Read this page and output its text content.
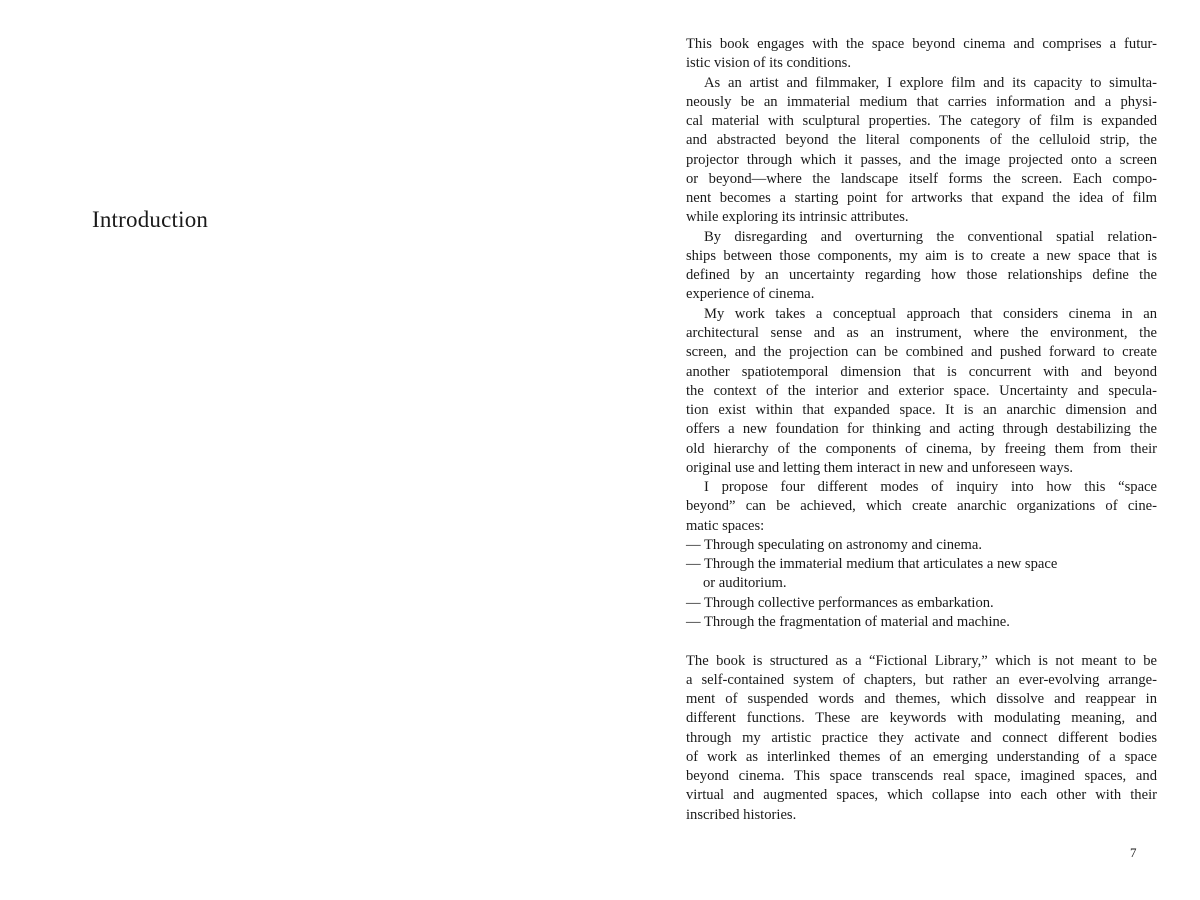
Introduction
This book engages with the space beyond cinema and comprises a futur-
istic vision of its conditions.
As an artist and filmmaker, I explore film and its capacity to simulta-
neously be an immaterial medium that carries information and a physi-
cal material with sculptural properties. The category of film is expanded
and abstracted beyond the literal components of the celluloid strip, the
projector through which it passes, and the image projected onto a screen
or beyond—where the landscape itself forms the screen. Each compo-
nent becomes a starting point for artworks that expand the idea of film
while exploring its intrinsic attributes.
By disregarding and overturning the conventional spatial relation-
ships between those components, my aim is to create a new space that is
defined by an uncertainty regarding how those relationships define the
experience of cinema.
My work takes a conceptual approach that considers cinema in an
architectural sense and as an instrument, where the environment, the
screen, and the projection can be combined and pushed forward to create
another spatiotemporal dimension that is concurrent with and beyond
the context of the interior and exterior space. Uncertainty and specula-
tion exist within that expanded space. It is an anarchic dimension and
offers a new foundation for thinking and acting through destabilizing the
old hierarchy of the components of cinema, by freeing them from their
original use and letting them interact in new and unforeseen ways.
I propose four different modes of inquiry into how this “space
beyond” can be achieved, which create anarchic organizations of cine-
matic spaces:
— Through speculating on astronomy and cinema.
— Through the immaterial medium that articulates a new space
or auditorium.
— Through collective performances as embarkation.
— Through the fragmentation of material and machine.
The book is structured as a “Fictional Library,” which is not meant to be
a self-contained system of chapters, but rather an ever-evolving arrange-
ment of suspended words and themes, which dissolve and reappear in
different functions. These are keywords with modulating meaning, and
through my artistic practice they activate and connect different bodies
of work as interlinked themes of an emerging understanding of a space
beyond cinema. This space transcends real space, imagined spaces, and
virtual and augmented spaces, which collapse into each other with their
inscribed histories.
7
